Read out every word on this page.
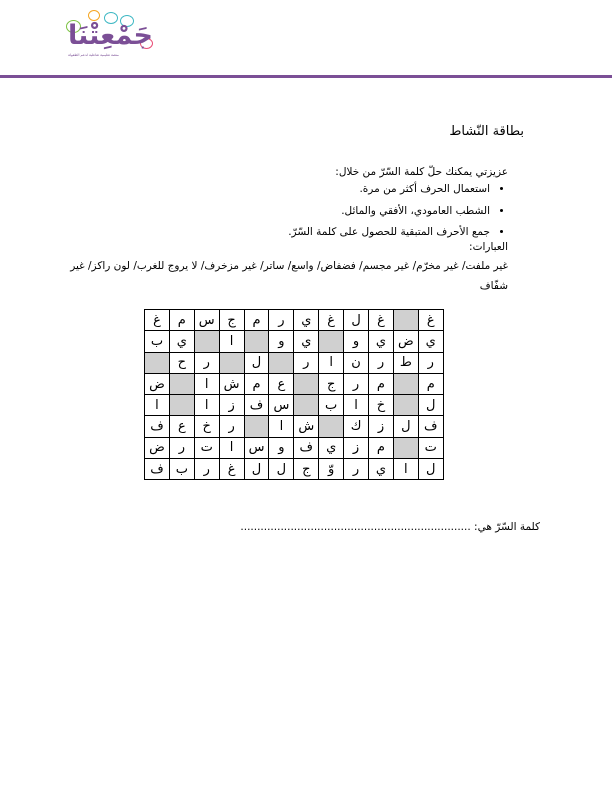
جَمْعِتْنَا
منصة تعليمية تفاعلية لدعم الطفولة
بطاقة النّشاط
عزيزتي يمكنك حلّ كلمة السّرّ من خلال:
• استعمال الحرف أكثر من مرة.
• الشطب العامودي، الأفقي والمائل.
• جمع الأحرف المتبقية للحصول على كلمة السّرّ.
العبارات:
غير ملفت/ غير مخرّم/ غير مجسم/ فضفاض/ واسع/ ساتر/ غير مزخرف/ لا يروج للغرب/ لون راكز/ غير شفّاف
غ		غ	ل	غ	ي	ر	م	ج	س	م	غ
ي	ض	ي	و		ي	و		ا		ي	ب
ر	ط	ر	ن	ا	ر		ل		ر	ح	
م		م	ر	ج		ع	م	ش	ا		ض
ل		خ	ا	ب		س	ف	ز	ا		ا
ف	ل	ز	ك		ش	ا		ر	خ	ع	ف
ت		م	ز	ي	ف	و	س	ا	ت	ر	ض
ل	ا	ي	ر	وّ	ج	ل	ل	غ	ر	ب	ف
كلمة السّرّ هي: .....................................................................
